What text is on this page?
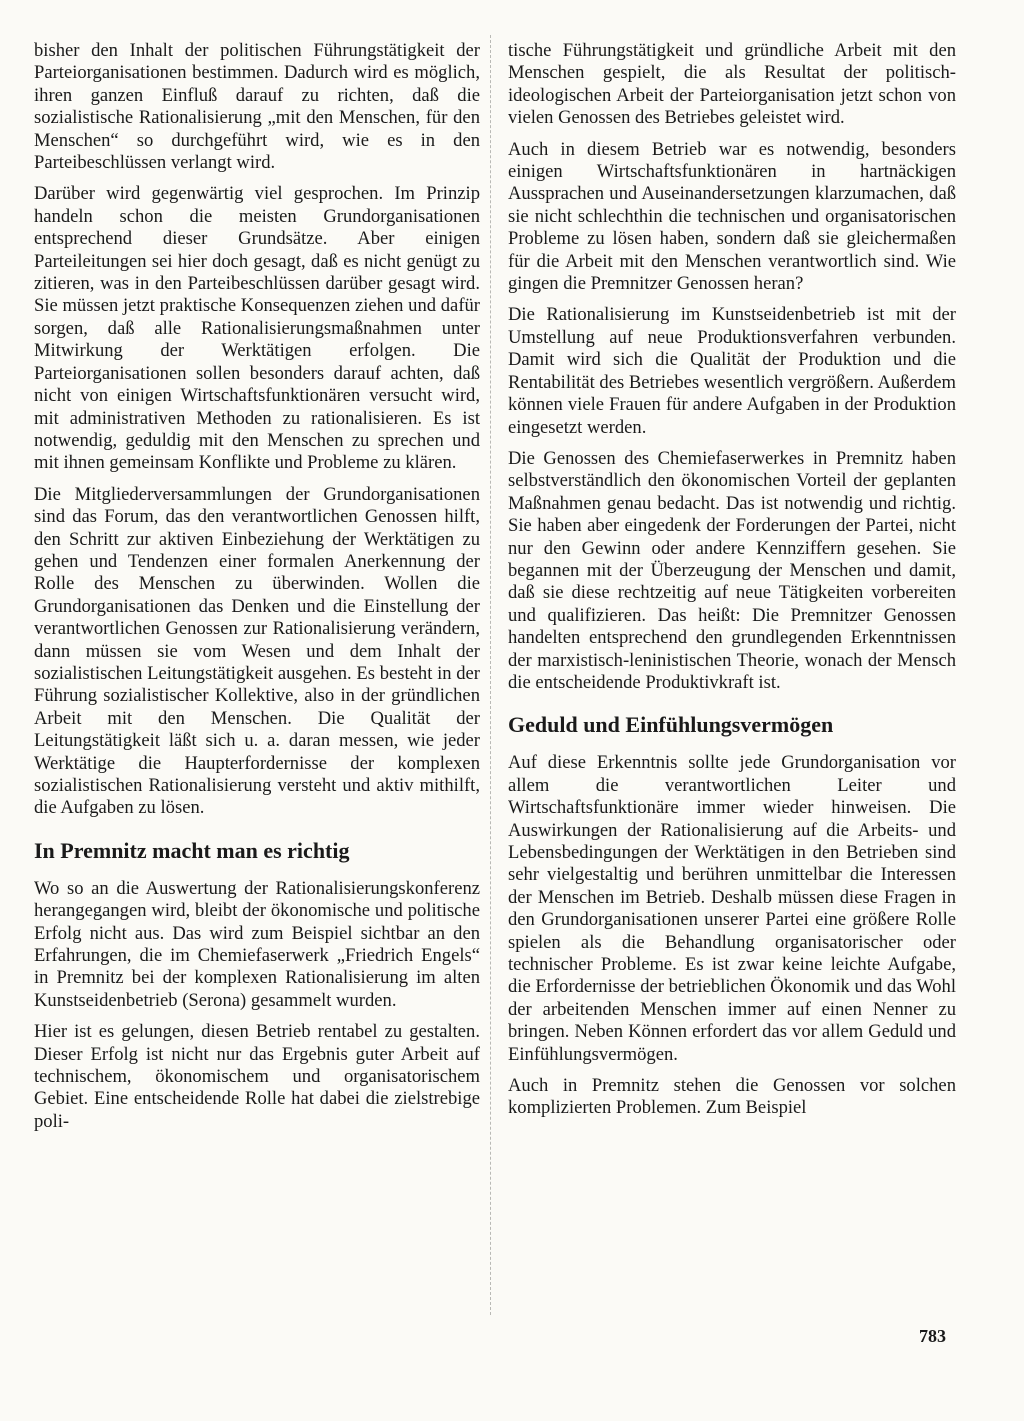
bisher den Inhalt der politischen Führungstätigkeit der Parteiorganisationen bestimmen. Dadurch wird es möglich, ihren ganzen Einfluß darauf zu richten, daß die sozialistische Rationalisierung „mit den Menschen, für den Menschen“ so durchgeführt wird, wie es in den Parteibeschlüssen verlangt wird.

Darüber wird gegenwärtig viel gesprochen. Im Prinzip handeln schon die meisten Grundorganisationen entsprechend dieser Grundsätze. Aber einigen Parteileitungen sei hier doch gesagt, daß es nicht genügt zu zitieren, was in den Parteibeschlüssen darüber gesagt wird. Sie müssen jetzt praktische Konsequenzen ziehen und dafür sorgen, daß alle Rationalisierungsmaßnahmen unter Mitwirkung der Werktätigen erfolgen. Die Parteiorganisationen sollen besonders darauf achten, daß nicht von einigen Wirtschaftsfunktionären versucht wird, mit administrativen Methoden zu rationalisieren. Es ist notwendig, geduldig mit den Menschen zu sprechen und mit ihnen gemeinsam Konflikte und Probleme zu klären.

Die Mitgliederversammlungen der Grundorganisationen sind das Forum, das den verantwortlichen Genossen hilft, den Schritt zur aktiven Einbeziehung der Werktätigen zu gehen und Tendenzen einer formalen Anerkennung der Rolle des Menschen zu überwinden. Wollen die Grundorganisationen das Denken und die Einstellung der verantwortlichen Genossen zur Rationalisierung verändern, dann müssen sie vom Wesen und dem Inhalt der sozialistischen Leitungstätigkeit ausgehen. Es besteht in der Führung sozialistischer Kollektive, also in der gründlichen Arbeit mit den Menschen. Die Qualität der Leitungstätigkeit läßt sich u. a. daran messen, wie jeder Werktätige die Haupterfordernisse der komplexen sozialistischen Rationalisierung versteht und aktiv mithilft, die Aufgaben zu lösen.

In Premnitz macht man es richtig

Wo so an die Auswertung der Rationalisierungskonferenz herangegangen wird, bleibt der ökonomische und politische Erfolg nicht aus. Das wird zum Beispiel sichtbar an den Erfahrungen, die im Chemiefaserwerk „Friedrich Engels“ in Premnitz bei der komplexen Rationalisierung im alten Kunstseidenbetrieb (Serona) gesammelt wurden.

Hier ist es gelungen, diesen Betrieb rentabel zu gestalten. Dieser Erfolg ist nicht nur das Ergebnis guter Arbeit auf technischem, ökonomischem und organisatorischem Gebiet. Eine entscheidende Rolle hat dabei die zielstrebige poli-

tische Führungstätigkeit und gründliche Arbeit mit den Menschen gespielt, die als Resultat der politisch-ideologischen Arbeit der Parteiorganisation jetzt schon von vielen Genossen des Betriebes geleistet wird.

Auch in diesem Betrieb war es notwendig, besonders einigen Wirtschaftsfunktionären in hartnäckigen Aussprachen und Auseinandersetzungen klarzumachen, daß sie nicht schlechthin die technischen und organisatorischen Probleme zu lösen haben, sondern daß sie gleichermaßen für die Arbeit mit den Menschen verantwortlich sind. Wie gingen die Premnitzer Genossen heran?

Die Rationalisierung im Kunstseidenbetrieb ist mit der Umstellung auf neue Produktionsverfahren verbunden. Damit wird sich die Qualität der Produktion und die Rentabilität des Betriebes wesentlich vergrößern. Außerdem können viele Frauen für andere Aufgaben in der Produktion eingesetzt werden.

Die Genossen des Chemiefaserwerkes in Premnitz haben selbstverständlich den ökonomischen Vorteil der geplanten Maßnahmen genau bedacht. Das ist notwendig und richtig. Sie haben aber eingedenk der Forderungen der Partei, nicht nur den Gewinn oder andere Kennziffern gesehen. Sie begannen mit der Überzeugung der Menschen und damit, daß sie diese rechtzeitig auf neue Tätigkeiten vorbereiten und qualifizieren. Das heißt: Die Premnitzer Genossen handelten entsprechend den grundlegenden Erkenntnissen der marxistisch-leninistischen Theorie, wonach der Mensch die entscheidende Produktivkraft ist.

Geduld und Einfühlungsvermögen

Auf diese Erkenntnis sollte jede Grundorganisation vor allem die verantwortlichen Leiter und Wirtschaftsfunktionäre immer wieder hinweisen. Die Auswirkungen der Rationalisierung auf die Arbeits- und Lebensbedingungen der Werktätigen in den Betrieben sind sehr vielgestaltig und berühren unmittelbar die Interessen der Menschen im Betrieb. Deshalb müssen diese Fragen in den Grundorganisationen unserer Partei eine größere Rolle spielen als die Behandlung organisatorischer oder technischer Probleme. Es ist zwar keine leichte Aufgabe, die Erfordernisse der betrieblichen Ökonomik und das Wohl der arbeitenden Menschen immer auf einen Nenner zu bringen. Neben Können erfordert das vor allem Geduld und Einfühlungsvermögen.

Auch in Premnitz stehen die Genossen vor solchen komplizierten Problemen. Zum Beispiel

783
